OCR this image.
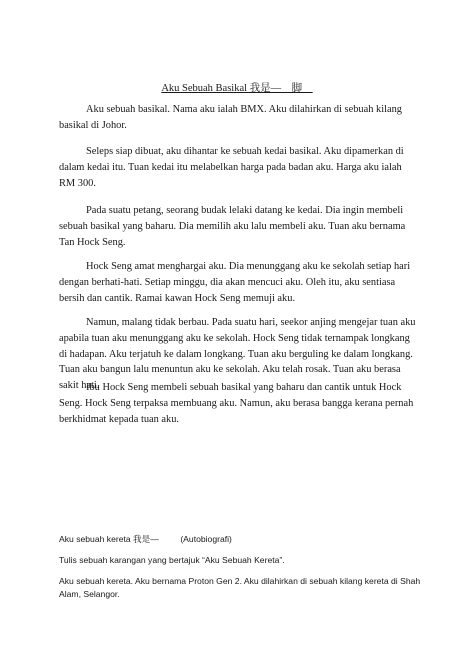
Aku Sebuah Basikal 我是—    脚

Aku sebuah basikal. Nama aku ialah BMX. Aku dilahirkan di sebuah kilang basikal di Johor.

Seleps siap dibuat, aku dihantar ke sebuah kedai basikal. Aku dipamerkan di dalam kedai itu. Tuan kedai itu melabelkan harga pada badan aku. Harga aku ialah RM 300.

Pada suatu petang, seorang budak lelaki datang ke kedai. Dia ingin membeli sebuah basikal yang baharu. Dia memilih aku lalu membeli aku. Tuan aku bernama Tan Hock Seng.

Hock Seng amat menghargai aku. Dia menunggang aku ke sekolah setiap hari dengan berhati-hati. Setiap minggu, dia akan mencuci aku. Oleh itu, aku sentiasa bersih dan cantik. Ramai kawan Hock Seng memuji aku.

Namun, malang tidak berbau. Pada suatu hari, seekor anjing mengejar tuan aku apabila tuan aku menunggang aku ke sekolah. Hock Seng tidak ternampak longkang di hadapan. Aku terjatuh ke dalam longkang. Tuan aku berguling ke dalam longkang. Tuan aku bangun lalu menuntun aku ke sekolah. Aku telah rosak. Tuan aku berasa sakit hati.

Ibu Hock Seng membeli sebuah basikal yang baharu dan cantik untuk Hock Seng. Hock Seng terpaksa membuang aku. Namun, aku berasa bangga kerana pernah berkhidmat kepada tuan aku.

Aku sebuah kereta 我是—         (Autobiografi)

Tulis sebuah karangan yang bertajuk “Aku Sebuah Kereta”.

Aku sebuah kereta. Aku bernama Proton Gen 2. Aku dilahirkan di sebuah kilang kereta di Shah Alam, Selangor.
